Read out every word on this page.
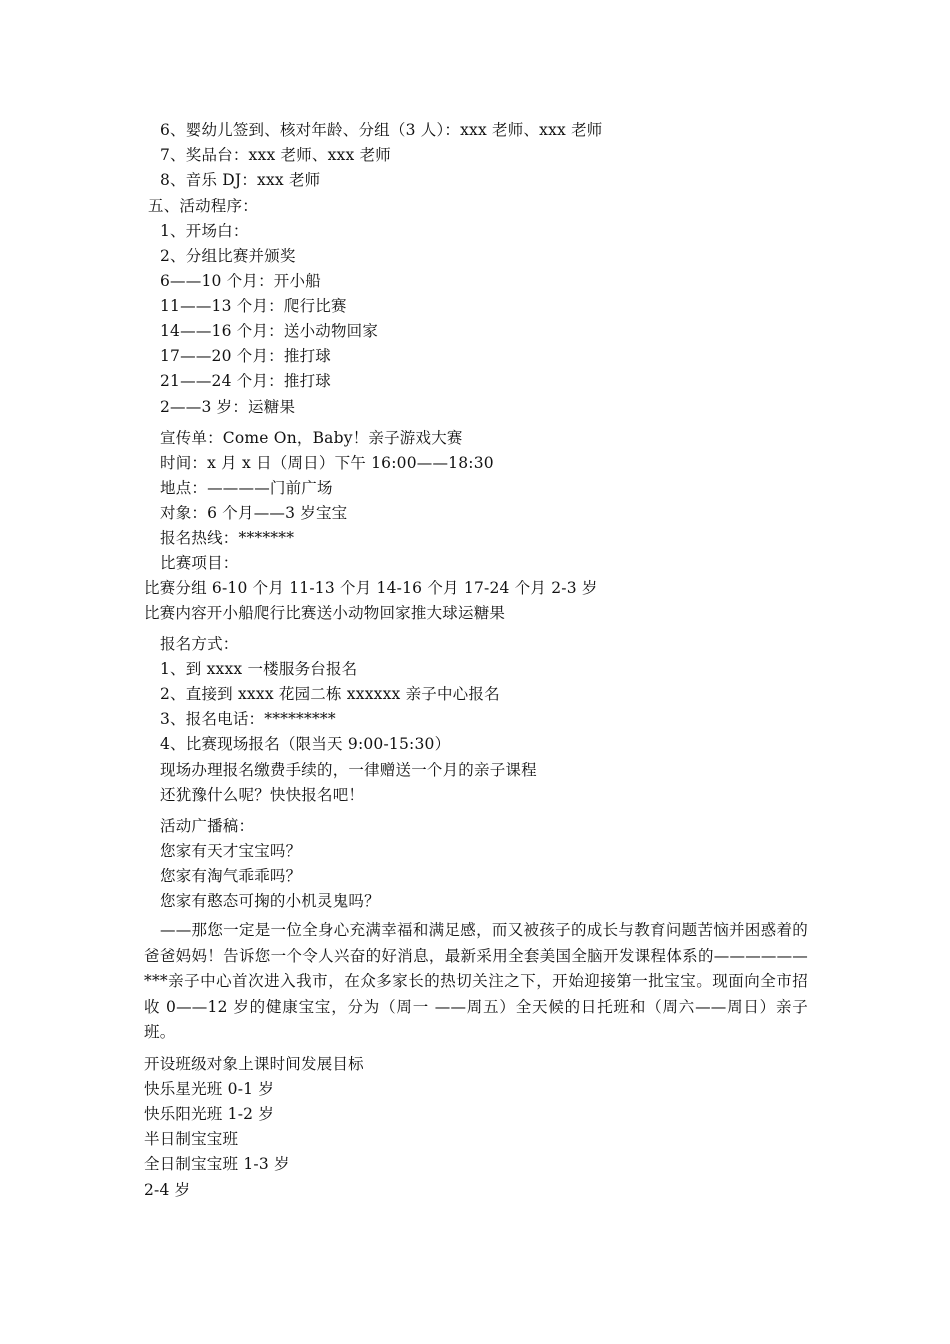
6、婴幼儿签到、核对年龄、分组（3 人）：xxx 老师、xxx 老师
7、奖品台：xxx 老师、xxx 老师
8、音乐 DJ：xxx 老师
五、活动程序：
1、开场白：
2、分组比赛并颁奖
6——10 个月：开小船
11——13 个月：爬行比赛
14——16 个月：送小动物回家
17——20 个月：推打球
21——24 个月：推打球
2——3 岁：运糖果
宣传单：Come On，Baby！亲子游戏大赛
时间：x 月 x 日（周日）下午 16:00——18:30
地点：————门前广场
对象：6 个月——3 岁宝宝
报名热线：*******
比赛项目：
比赛分组 6-10 个月 11-13 个月 14-16 个月 17-24 个月 2-3 岁
比赛内容开小船爬行比赛送小动物回家推大球运糖果
报名方式：
1、到 xxxx 一楼服务台报名
2、直接到 xxxx 花园二栋 xxxxxx 亲子中心报名
3、报名电话：*********
4、比赛现场报名（限当天 9:00-15:30）
现场办理报名缴费手续的，一律赠送一个月的亲子课程
还犹豫什么呢？快快报名吧！
活动广播稿：
您家有天才宝宝吗？
您家有淘气乖乖吗？
您家有憨态可掬的小机灵鬼吗？
——那您一定是一位全身心充满幸福和满足感，而又被孩子的成长与教育问题苦恼并困惑着的爸爸妈妈！告诉您一个令人兴奋的好消息，最新采用全套美国全脑开发课程体系的——————***亲子中心首次进入我市，在众多家长的热切关注之下，开始迎接第一批宝宝。现面向全市招收 0——12 岁的健康宝宝，分为（周一 ——周五）全天候的日托班和（周六——周日）亲子班。
开设班级对象上课时间发展目标
快乐星光班 0-1 岁
快乐阳光班 1-2 岁
半日制宝宝班
全日制宝宝班 1-3 岁
2-4 岁
